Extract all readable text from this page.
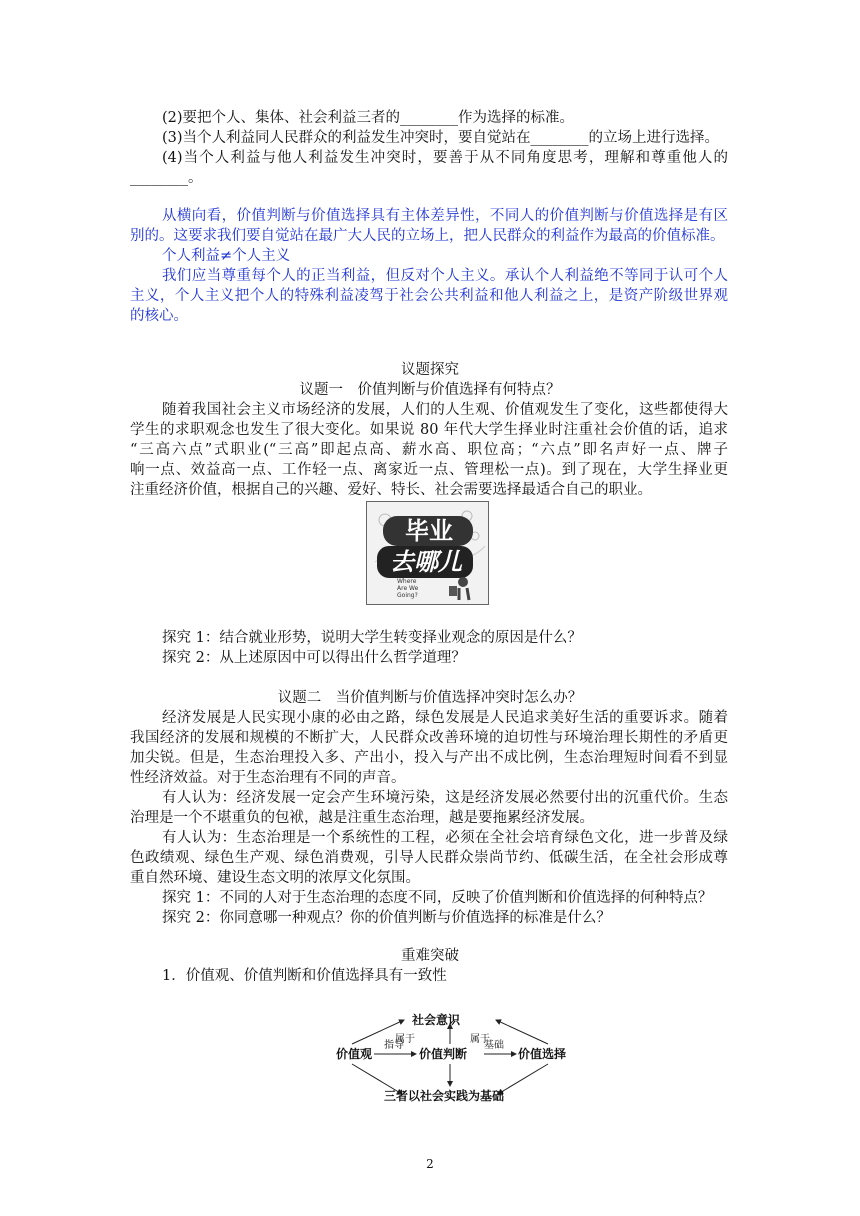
(2)要把个人、集体、社会利益三者的________作为选择的标准。
(3)当个人利益同人民群众的利益发生冲突时，要自觉站在________的立场上进行选择。
(4)当个人利益与他人利益发生冲突时，要善于从不同角度思考，理解和尊重他人的
________。
从横向看，价值判断与价值选择具有主体差异性，不同人的价值判断与价值选择是有区
别的。这要求我们要自觉站在最广大人民的立场上，把人民群众的利益作为最高的价值标准。
个人利益≠个人主义
我们应当尊重每个人的正当利益，但反对个人主义。承认个人利益绝不等同于认可个人
主义，个人主义把个人的特殊利益凌驾于社会公共利益和他人利益之上，是资产阶级世界观
的核心。
议题探究
议题一　价值判断与价值选择有何特点？
随着我国社会主义市场经济的发展，人们的人生观、价值观发生了变化，这些都使得大
学生的求职观念也发生了很大变化。如果说 80 年代大学生择业时注重社会价值的话，追求
“三高六点”式职业(“三高”即起点高、薪水高、职位高；“六点”即名声好一点、牌子
响一点、效益高一点、工作轻一点、离家近一点、管理松一点)。到了现在，大学生择业更
注重经济价值，根据自己的兴趣、爱好、特长、社会需要选择最适合自己的职业。
毕业
去哪儿
Where
Are We
Going?
探究 1：结合就业形势，说明大学生转变择业观念的原因是什么？
探究 2：从上述原因中可以得出什么哲学道理？
议题二　当价值判断与价值选择冲突时怎么办？
经济发展是人民实现小康的必由之路，绿色发展是人民追求美好生活的重要诉求。随着
我国经济的发展和规模的不断扩大，人民群众改善环境的迫切性与环境治理长期性的矛盾更
加尖锐。但是，生态治理投入多、产出小，投入与产出不成比例，生态治理短时间看不到显
性经济效益。对于生态治理有不同的声音。
有人认为：经济发展一定会产生环境污染，这是经济发展必然要付出的沉重代价。生态
治理是一个不堪重负的包袱，越是注重生态治理，越是要拖累经济发展。
有人认为：生态治理是一个系统性的工程，必须在全社会培育绿色文化，进一步普及绿
色政绩观、绿色生产观、绿色消费观，引导人民群众崇尚节约、低碳生活，在全社会形成尊
重自然环境、建设生态文明的浓厚文化氛围。
探究 1：不同的人对于生态治理的态度不同，反映了价值判断和价值选择的何种特点？
探究 2：你同意哪一种观点？你的价值判断与价值选择的标准是什么？
重难突破
1．价值观、价值判断和价值选择具有一致性
社会意识
价值观	价值判断	价值选择
三者以社会实践为基础
属于	属于
指导	基础
2
